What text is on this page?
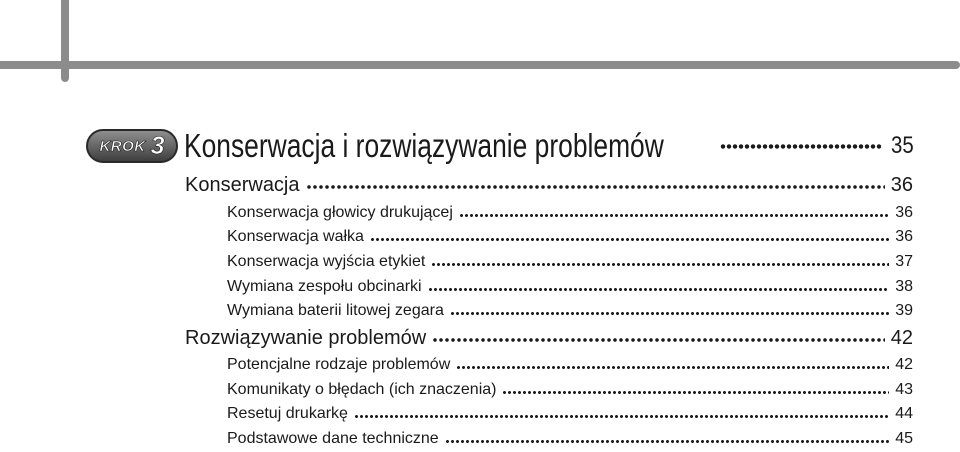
KROK 3 Konserwacja i rozwiązywanie problemów	35
Konserwacja	36
Konserwacja głowicy drukującej	36
Konserwacja wałka	36
Konserwacja wyjścia etykiet	37
Wymiana zespołu obcinarki	38
Wymiana baterii litowej zegara	39
Rozwiązywanie problemów	42
Potencjalne rodzaje problemów	42
Komunikaty o błędach (ich znaczenia)	43
Resetuj drukarkę	44
Podstawowe dane techniczne	45
